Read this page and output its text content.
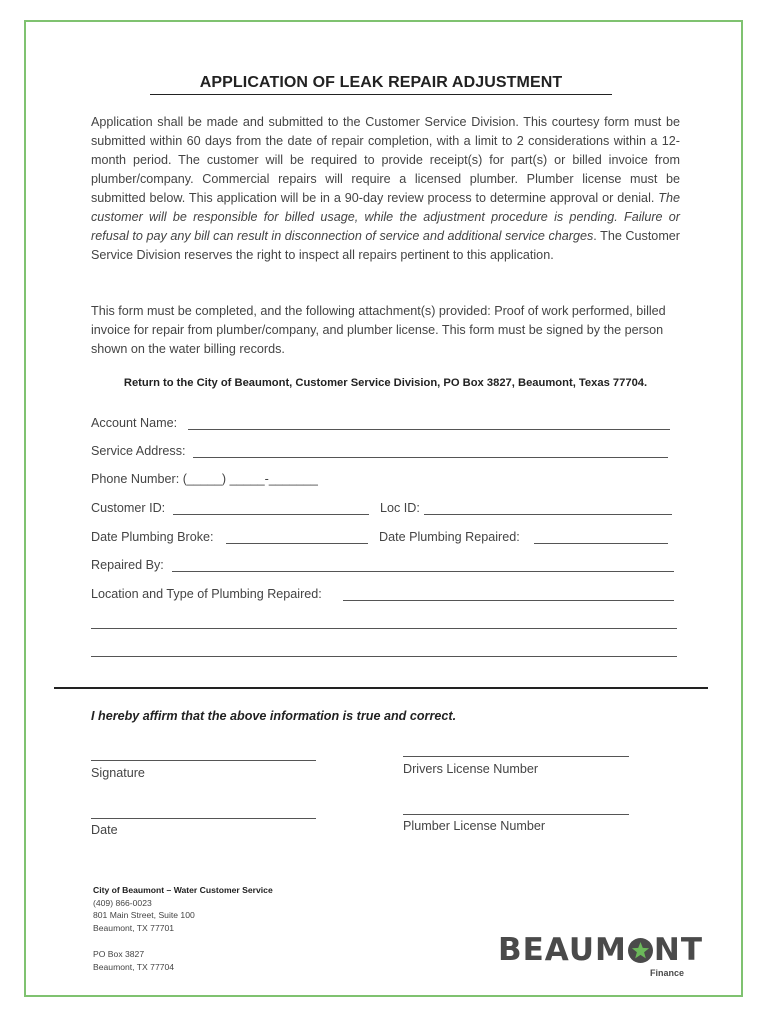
APPLICATION OF LEAK REPAIR ADJUSTMENT
Application shall be made and submitted to the Customer Service Division. This courtesy form must be submitted within 60 days from the date of repair completion, with a limit to 2 considerations within a 12-month period. The customer will be required to provide receipt(s) for part(s) or billed invoice from plumber/company. Commercial repairs will require a licensed plumber. Plumber license must be submitted below. This application will be in a 90-day review process to determine approval or denial. The customer will be responsible for billed usage, while the adjustment procedure is pending. Failure or refusal to pay any bill can result in disconnection of service and additional service charges. The Customer Service Division reserves the right to inspect all repairs pertinent to this application.
This form must be completed, and the following attachment(s) provided: Proof of work performed, billed invoice for repair from plumber/company, and plumber license. This form must be signed by the person shown on the water billing records.
Return to the City of Beaumont, Customer Service Division, PO Box 3827, Beaumont, Texas 77704.
Account Name:
Service Address:
Phone Number: (_____) _____-_______
Customer ID:	Loc ID:
Date Plumbing Broke:	Date Plumbing Repaired:
Repaired By:
Location and Type of Plumbing Repaired:
I hereby affirm that the above information is true and correct.
Signature	Drivers License Number
Date	Plumber License Number
City of Beaumont – Water Customer Service
(409) 866-0023
801 Main Street, Suite 100
Beaumont, TX 77701
PO Box 3827
Beaumont, TX 77704	BEAUM NT
Finance
